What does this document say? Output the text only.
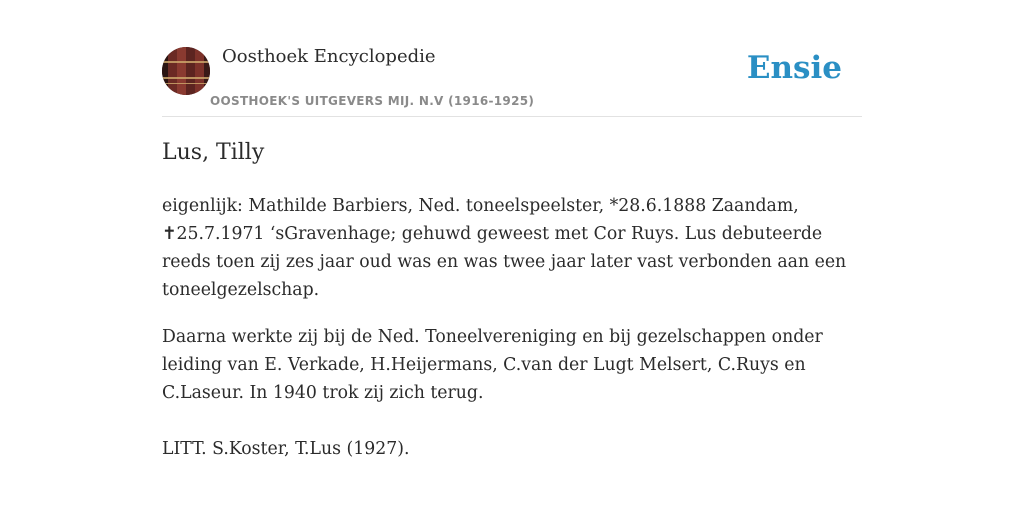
Oosthoek Encyclopedie
OOSTHOEK'S UITGEVERS MIJ. N.V (1916-1925)
Ensie
Lus, Tilly

eigenlijk: Mathilde Barbiers, Ned. toneelspeelster, *28.6.1888 Zaandam, ✝25.7.1971 ‘sGravenhage; gehuwd geweest met Cor Ruys. Lus debuteerde reeds toen zij zes jaar oud was en was twee jaar later vast verbonden aan een toneelgezelschap.

Daarna werkte zij bij de Ned. Toneelvereniging en bij gezelschappen onder leiding van E. Verkade, H.Heijermans, C.van der Lugt Melsert, C.Ruys en C.Laseur. In 1940 trok zij zich terug.

LITT. S.Koster, T.Lus (1927).
